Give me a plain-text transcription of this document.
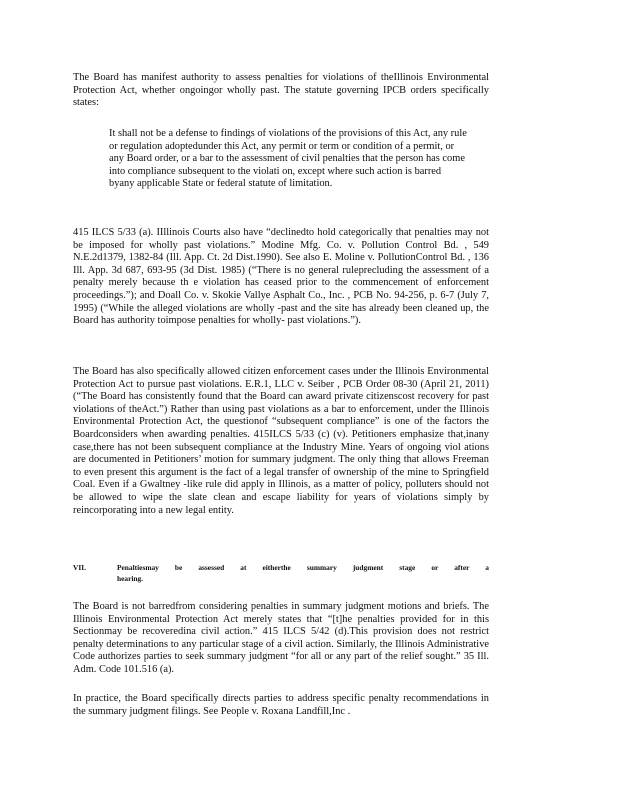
The Board has manifest authority to assess penalties for violations of theIllinois Environmental Protection Act, whether ongoingor wholly past. The statute governing IPCB orders specifically states:

It shall not be a defense to findings of violations of the provisions of this Act, any rule or regulation adoptedunder this Act, any permit or term or condition of a permit, or any Board order, or a bar to the assessment of civil penalties that the person has come into compliance subsequent to the violati on, except where such action is barred byany applicable State or federal statute of limitation.

415 ILCS 5/33 (a). IIllinois Courts also have “declinedto hold categorically that penalties may not be imposed for wholly past violations.” Modine Mfg. Co. v. Pollution Control Bd. , 549 N.E.2d1379, 1382-84 (Ill. App. Ct. 2d Dist.1990). See also E. Moline v. PollutionControl Bd. , 136 Ill. App. 3d 687, 693-95 (3d Dist. 1985) (“There is no general ruleprecluding the assessment of a penalty merely because th e violation has ceased prior to the commencement of enforcement proceedings.”); and Doall Co. v. Skokie Vallye Asphalt Co., Inc. , PCB No. 94-256, p. 6-7 (July 7, 1995) (“While the alleged violations are wholly -past and the site has already been cleaned up, the Board has authority toimpose penalties for wholly- past violations.”).

The Board has also specifically allowed citizen enforcement cases under the Illinois Environmental Protection Act to pursue past violations. E.R.1, LLC v. Seiber , PCB Order 08-30 (April 21, 2011) (“The Board has consistently found that the Board can award private citizenscost recovery for past violations of theAct.”) Rather than using past violations as a bar to enforcement, under the Illinois Environmental Protection Act, the questionof “subsequent compliance” is one of the factors the Boardconsiders when awarding penalties. 415ILCS 5/33 (c) (v). Petitioners emphasize that,inany case,there has not been subsequent compliance at the Industry Mine. Years of ongoing viol ations are documented in Petitioners’ motion for summary judgment. The only thing that allows Freeman to even present this argument is the fact of a legal transfer of ownership of the mine to Springfield Coal. Even if a Gwaltney -like rule did apply in Illinois, as a matter of policy, polluters should not be allowed to wipe the slate clean and escape liability for years of violations simply by reincorporating into a new legal entity.

VII.	Penaltiesmay be assessed at eitherthe summary judgment stage or after a
hearing.

The Board is not barredfrom considering penalties in summary judgment motions and briefs. The Illinois Environmental Protection Act merely states that “[t]he penalties provided for in this Sectionmay be recoveredina civil action.” 415 ILCS 5/42 (d).This provision does not restrict penalty determinations to any particular stage of a civil action. Similarly, the Illinois Administrative Code authorizes parties to seek summary judgment “for all or any part of the relief sought.” 35 Ill. Adm. Code 101.516 (a).

In practice, the Board specifically directs parties to address specific penalty recommendations in the summary judgment filings. See People v. Roxana Landfill,Inc .
